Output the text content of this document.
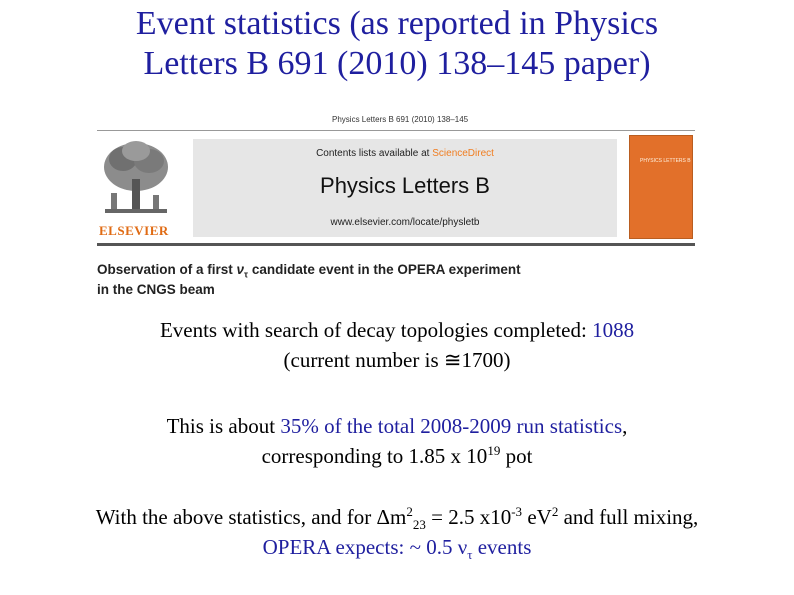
Event statistics (as reported in Physics
Letters B 691 (2010) 138–145 paper)
Physics Letters B 691 (2010) 138–145
ELSEVIER
Contents lists available at ScienceDirect
Physics Letters B
www.elsevier.com/locate/physletb
PHYSICS LETTERS B
Observation of a first $\nu_\tau$ candidate event in the OPERA experiment
in the CNGS beam
Events with search of decay topologies completed: 1088
(current number is ≅1700)
This is about 35% of the total 2008-2009 run statistics,
corresponding to 1.85 x $10^{19}$ pot
With the above statistics, and for $\Delta m^2_{23} = 2.5$ $x10^{-3}$ $eV^2$ and full mixing,
OPERA expects: ~ 0.5 $\nu_\tau$ events
